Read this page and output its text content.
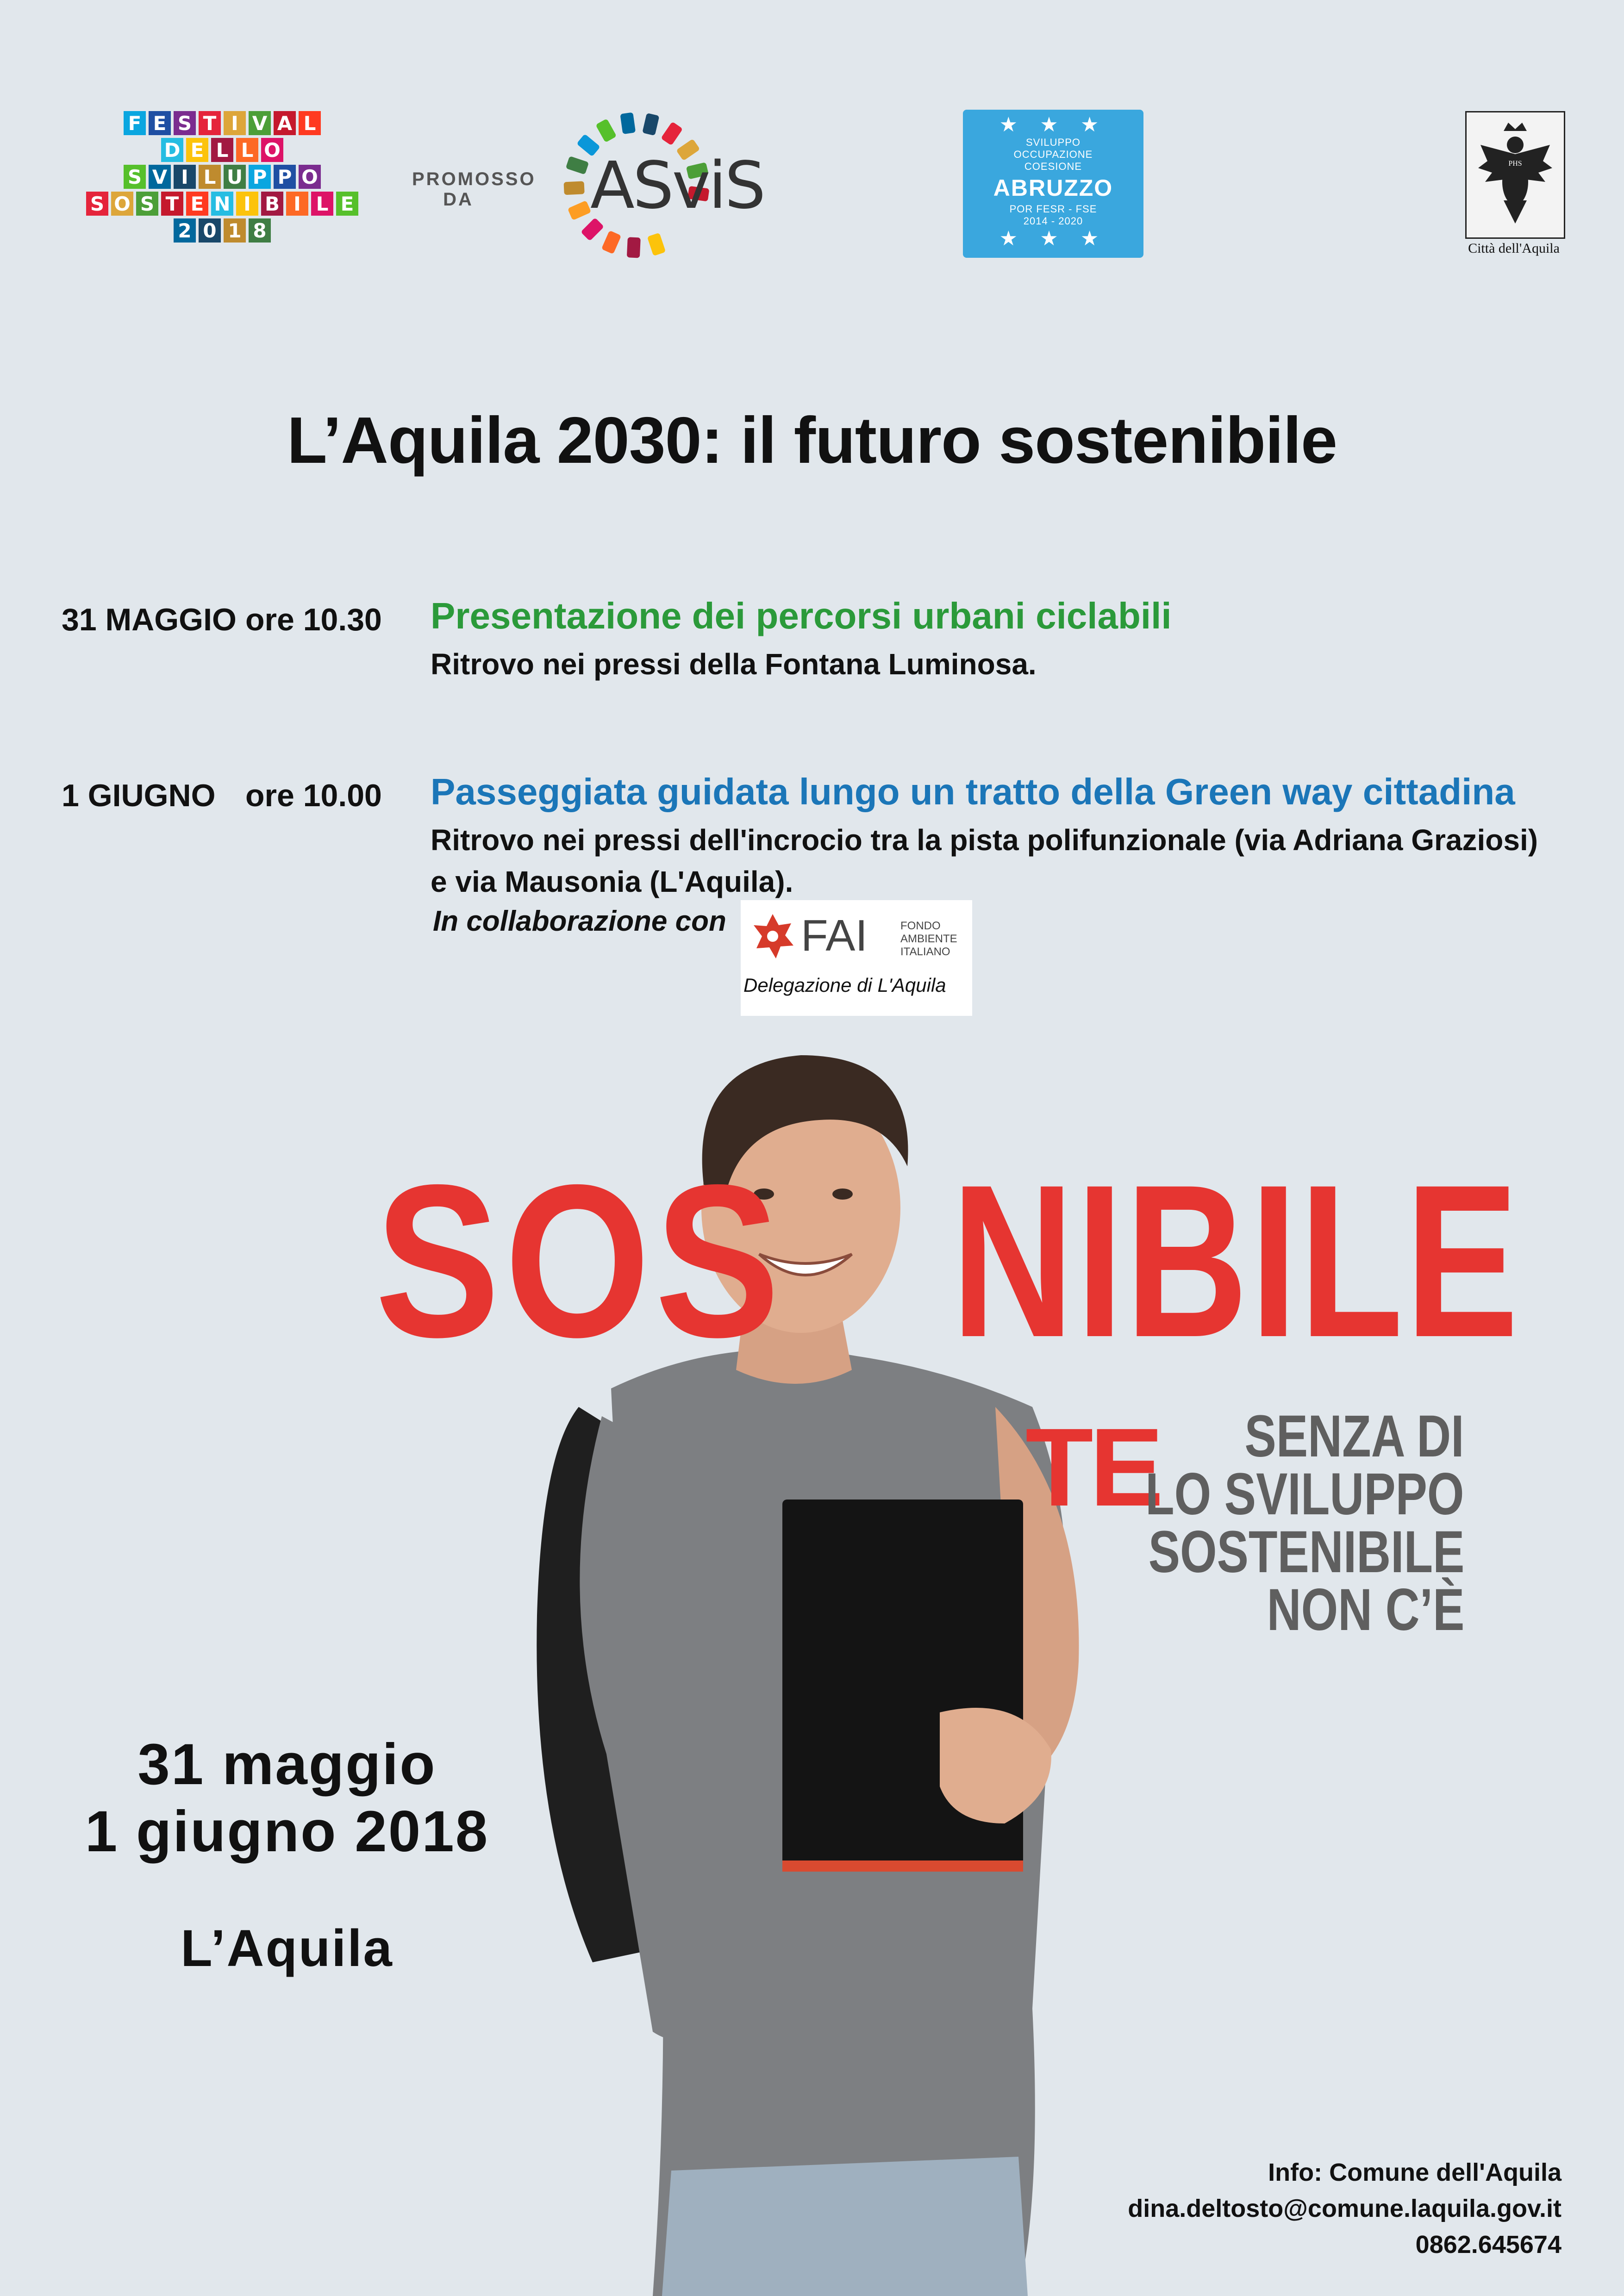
F E S T I V A L
D E L L O
S V I L U P P O
S O S T E N I B I L E
2 0 1 8
PROMOSSO
DA	ASviS
★ ★ ★
SVILUPPO
OCCUPAZIONE
COESIONE
ABRUZZO
POR FESR - FSE
2014 - 2020
★ ★ ★
PHS
Città dell'Aquila
L’Aquila 2030: il futuro sostenibile
31 MAGGIO ore 10.30 Presentazione dei percorsi urbani ciclabili
Ritrovo nei pressi della Fontana Luminosa.
1 GIUGNO ore 10.00 Passeggiata guidata lungo un tratto della Green way cittadina
Ritrovo nei pressi dell'incrocio tra la pista polifunzionale (via Adriana Graziosi)
e via Mausonia (L'Aquila).
In collaborazione con FAI	FONDO
AMBIENTE
ITALIANO
Delegazione di L'Aquila
SOS NIBILE
TE SENZA DI
LO SVILUPPO
SOSTENIBILE
NON C’È
31 maggio
1 giugno 2018
L’Aquila
Info: Comune dell'Aquila
dina.deltosto@comune.laquila.gov.it
0862.645674
